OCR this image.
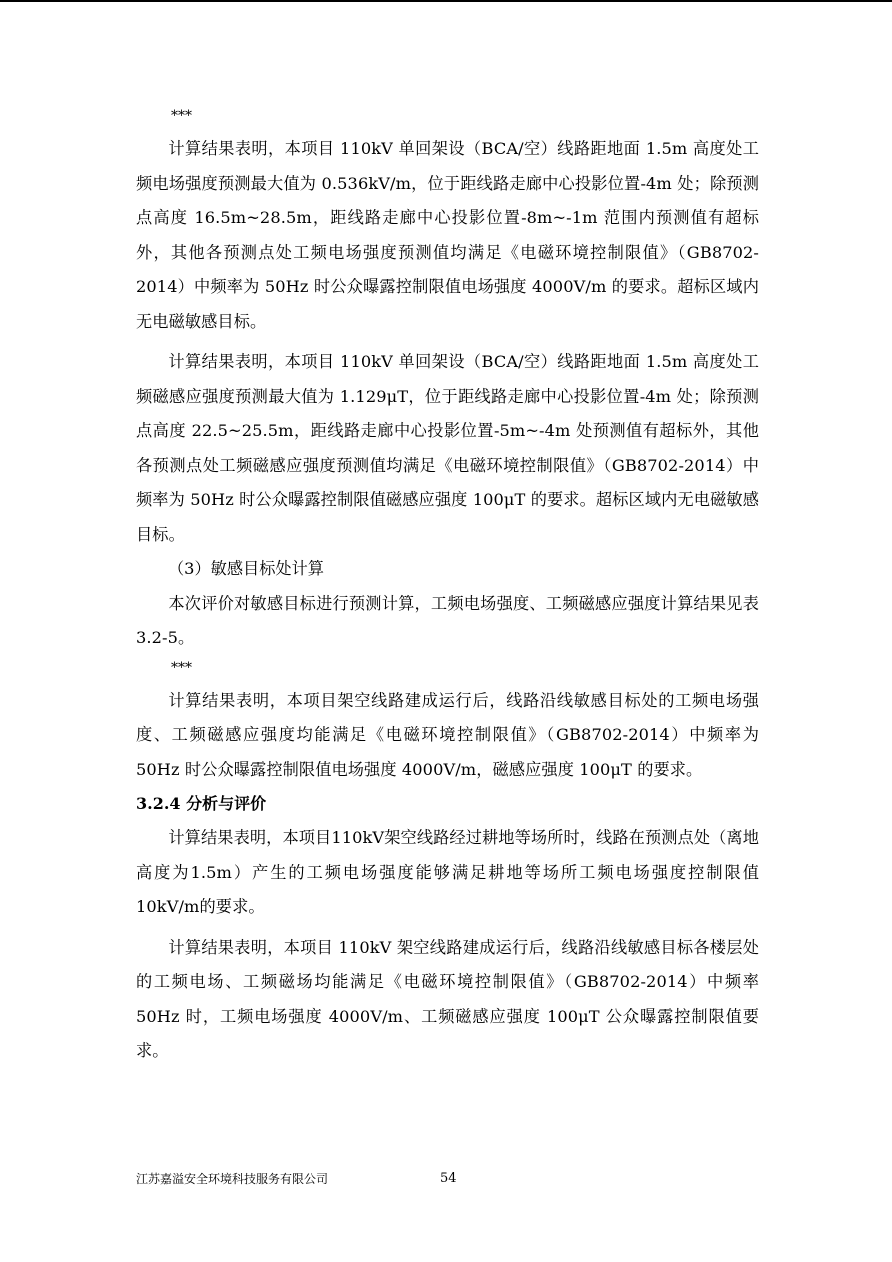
***

计算结果表明，本项目 110kV 单回架设（BCA/空）线路距地面 1.5m 高度处工频电场强度预测最大值为 0.536kV/m，位于距线路走廊中心投影位置-4m 处；除预测点高度 16.5m~28.5m，距线路走廊中心投影位置-8m~-1m 范围内预测值有超标外，其他各预测点处工频电场强度预测值均满足《电磁环境控制限值》（GB8702-2014）中频率为 50Hz 时公众曝露控制限值电场强度 4000V/m 的要求。超标区域内无电磁敏感目标。

计算结果表明，本项目 110kV 单回架设（BCA/空）线路距地面 1.5m 高度处工频磁感应强度预测最大值为 1.129μT，位于距线路走廊中心投影位置-4m 处；除预测点高度 22.5~25.5m，距线路走廊中心投影位置-5m~-4m 处预测值有超标外，其他各预测点处工频磁感应强度预测值均满足《电磁环境控制限值》（GB8702-2014）中频率为 50Hz 时公众曝露控制限值磁感应强度 100μT 的要求。超标区域内无电磁敏感目标。

（3）敏感目标处计算

本次评价对敏感目标进行预测计算，工频电场强度、工频磁感应强度计算结果见表 3.2-5。

***

计算结果表明，本项目架空线路建成运行后，线路沿线敏感目标处的工频电场强度、工频磁感应强度均能满足《电磁环境控制限值》（GB8702-2014）中频率为 50Hz 时公众曝露控制限值电场强度 4000V/m，磁感应强度 100μT 的要求。

3.2.4 分析与评价

计算结果表明，本项目110kV架空线路经过耕地等场所时，线路在预测点处（离地高度为1.5m）产生的工频电场强度能够满足耕地等场所工频电场强度控制限值10kV/m的要求。

计算结果表明，本项目 110kV 架空线路建成运行后，线路沿线敏感目标各楼层处的工频电场、工频磁场均能满足《电磁环境控制限值》（GB8702-2014）中频率 50Hz 时，工频电场强度 4000V/m、工频磁感应强度 100μT 公众曝露控制限值要求。

江苏嘉溢安全环境科技服务有限公司	54
